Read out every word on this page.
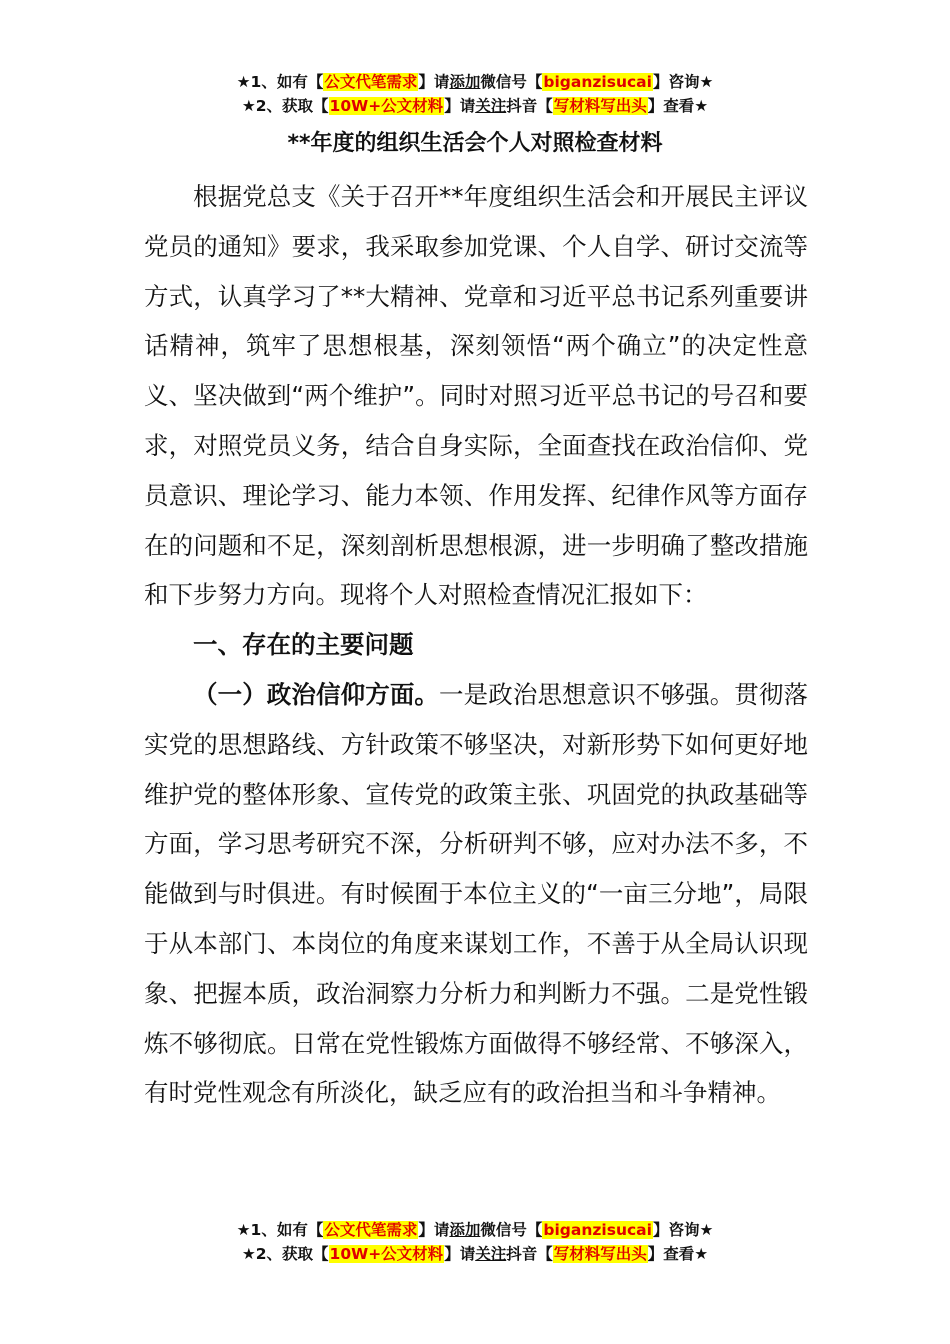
★1、如有【公文代笔需求】请添加微信号【biganzisucai】咨询★
★2、获取【10W+公文材料】请关注抖音【写材料写出头】查看★
**年度的组织生活会个人对照检查材料

根据党总支《关于召开**年度组织生活会和开展民主评议党员的通知》要求，我采取参加党课、个人自学、研讨交流等方式，认真学习了**大精神、党章和习近平总书记系列重要讲话精神，筑牢了思想根基，深刻领悟“两个确立”的决定性意义、坚决做到“两个维护”。同时对照习近平总书记的号召和要求，对照党员义务，结合自身实际，全面查找在政治信仰、党员意识、理论学习、能力本领、作用发挥、纪律作风等方面存在的问题和不足，深刻剖析思想根源，进一步明确了整改措施和下步努力方向。现将个人对照检查情况汇报如下：

一、存在的主要问题

（一）政治信仰方面。一是政治思想意识不够强。贯彻落实党的思想路线、方针政策不够坚决，对新形势下如何更好地维护党的整体形象、宣传党的政策主张、巩固党的执政基础等方面，学习思考研究不深，分析研判不够，应对办法不多，不能做到与时俱进。有时候囿于本位主义的“一亩三分地”，局限于从本部门、本岗位的角度来谋划工作，不善于从全局认识现象、把握本质，政治洞察力分析力和判断力不强。二是党性锻炼不够彻底。日常在党性锻炼方面做得不够经常、不够深入，有时党性观念有所淡化，缺乏应有的政治担当和斗争精神。

★1、如有【公文代笔需求】请添加微信号【biganzisucai】咨询★
★2、获取【10W+公文材料】请关注抖音【写材料写出头】查看★
